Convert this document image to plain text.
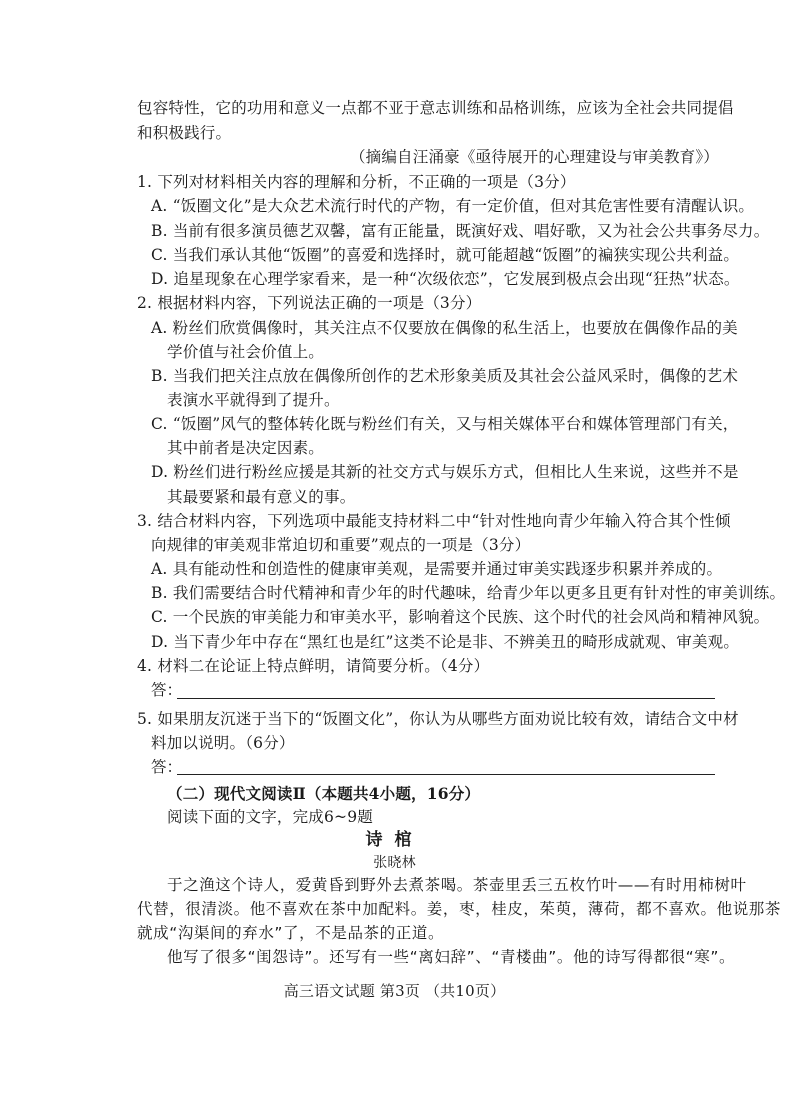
包容特性，它的功用和意义一点都不亚于意志训练和品格训练，应该为全社会共同提倡
和积极践行。
（摘编自汪涌豪《亟待展开的心理建设与审美教育》）
1. 下列对材料相关内容的理解和分析，不正确的一项是（3分）
A. “饭圈文化”是大众艺术流行时代的产物，有一定价值，但对其危害性要有清醒认识。
B. 当前有很多演员德艺双馨，富有正能量，既演好戏、唱好歌，又为社会公共事务尽力。
C. 当我们承认其他“饭圈”的喜爱和选择时，就可能超越“饭圈”的褊狭实现公共利益。
D. 追星现象在心理学家看来，是一种“次级依恋”，它发展到极点会出现“狂热”状态。
2. 根据材料内容，下列说法正确的一项是（3分）
A. 粉丝们欣赏偶像时，其关注点不仅要放在偶像的私生活上，也要放在偶像作品的美
学价值与社会价值上。
B. 当我们把关注点放在偶像所创作的艺术形象美质及其社会公益风采时，偶像的艺术
表演水平就得到了提升。
C. “饭圈”风气的整体转化既与粉丝们有关，又与相关媒体平台和媒体管理部门有关，
其中前者是决定因素。
D. 粉丝们进行粉丝应援是其新的社交方式与娱乐方式，但相比人生来说，这些并不是
其最要紧和最有意义的事。
3. 结合材料内容，下列选项中最能支持材料二中“针对性地向青少年输入符合其个性倾
向规律的审美观非常迫切和重要”观点的一项是（3分）
A. 具有能动性和创造性的健康审美观，是需要并通过审美实践逐步积累并养成的。
B. 我们需要结合时代精神和青少年的时代趣味，给青少年以更多且更有针对性的审美训练。
C. 一个民族的审美能力和审美水平，影响着这个民族、这个时代的社会风尚和精神风貌。
D. 当下青少年中存在“黑红也是红”这类不论是非、不辨美丑的畸形成就观、审美观。
4. 材料二在论证上特点鲜明，请简要分析。（4分）
答：
5. 如果朋友沉迷于当下的“饭圈文化”，你认为从哪些方面劝说比较有效，请结合文中材
料加以说明。（6分）
答：
（二）现代文阅读Ⅱ（本题共4小题，16分）
阅读下面的文字，完成6~9题
诗棺
张晓林
于之渔这个诗人，爱黄昏到野外去煮茶喝。茶壶里丢三五枚竹叶——有时用柿树叶
代替，很清淡。他不喜欢在茶中加配料。姜，枣，桂皮，茱萸，薄荷，都不喜欢。他说那茶
就成“沟渠间的弃水”了，不是品茶的正道。
他写了很多“闺怨诗”。还写有一些“离妇辞”、“青楼曲”。他的诗写得都很“寒”。
高三语文试题 第3页 （共10页）
